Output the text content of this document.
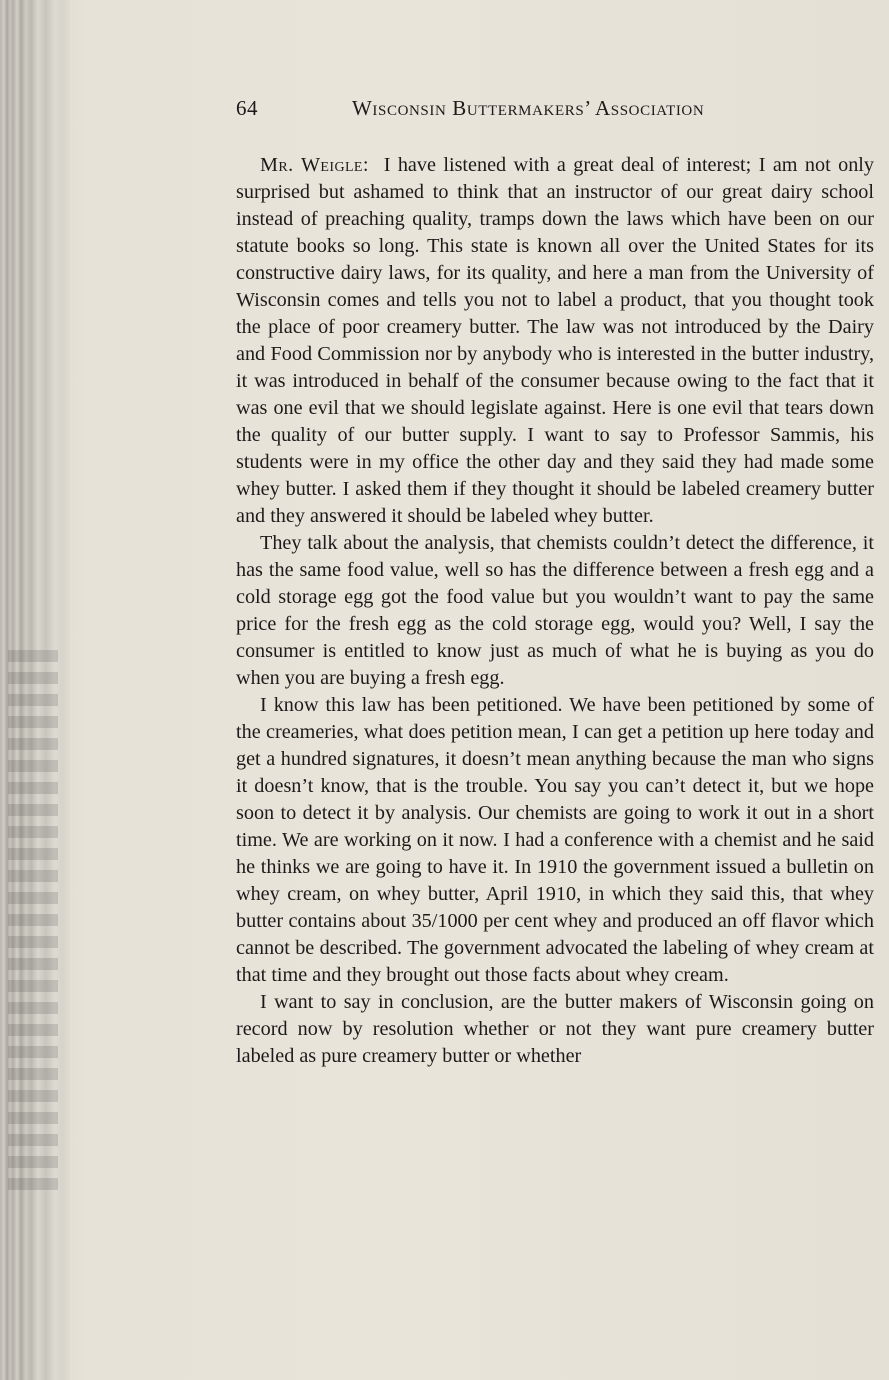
64	Wisconsin Buttermakers’ Association

Mr. Weigle: I have listened with a great deal of interest; I am not only surprised but ashamed to think that an instructor of our great dairy school instead of preaching quality, tramps down the laws which have been on our statute books so long. This state is known all over the United States for its constructive dairy laws, for its quality, and here a man from the University of Wisconsin comes and tells you not to label a product, that you thought took the place of poor creamery butter. The law was not introduced by the Dairy and Food Commission nor by anybody who is interested in the butter industry, it was introduced in behalf of the consumer because owing to the fact that it was one evil that we should legislate against. Here is one evil that tears down the quality of our butter supply. I want to say to Professor Sammis, his students were in my office the other day and they said they had made some whey butter. I asked them if they thought it should be labeled creamery butter and they answered it should be labeled whey butter.

They talk about the analysis, that chemists couldn’t detect the difference, it has the same food value, well so has the difference between a fresh egg and a cold storage egg got the food value but you wouldn’t want to pay the same price for the fresh egg as the cold storage egg, would you? Well, I say the consumer is entitled to know just as much of what he is buying as you do when you are buying a fresh egg.

I know this law has been petitioned. We have been petitioned by some of the creameries, what does petition mean, I can get a petition up here today and get a hundred signatures, it doesn’t mean anything because the man who signs it doesn’t know, that is the trouble. You say you can’t detect it, but we hope soon to detect it by analysis. Our chemists are going to work it out in a short time. We are working on it now. I had a conference with a chemist and he said he thinks we are going to have it. In 1910 the government issued a bulletin on whey cream, on whey butter, April 1910, in which they said this, that whey butter contains about 35/1000 per cent whey and produced an off flavor which cannot be described. The government advocated the labeling of whey cream at that time and they brought out those facts about whey cream.

I want to say in conclusion, are the butter makers of Wisconsin going on record now by resolution whether or not they want pure creamery butter labeled as pure creamery butter or whether
